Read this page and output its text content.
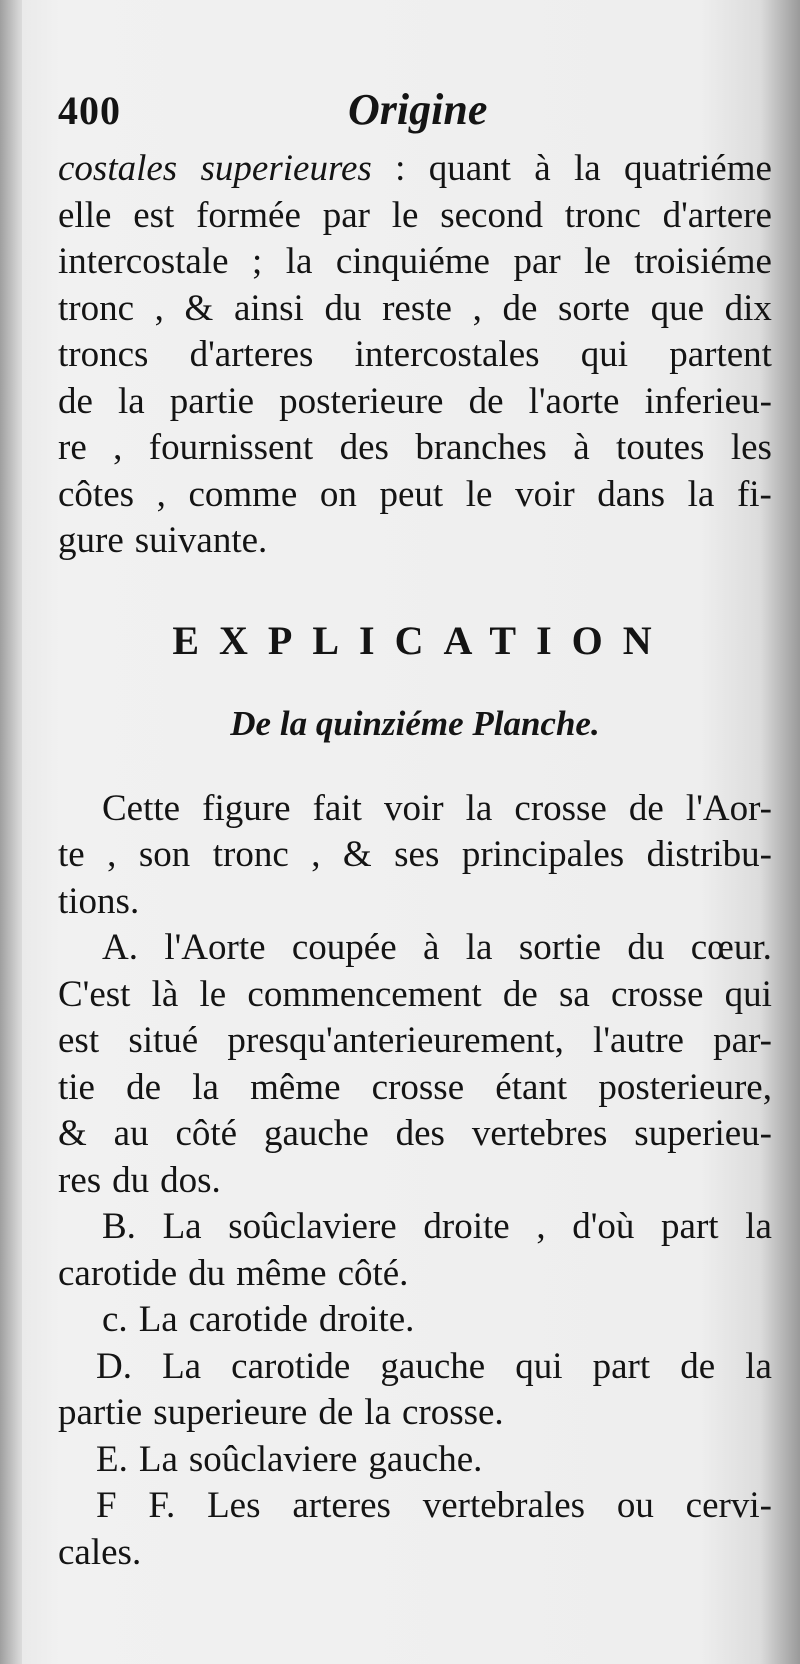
400	Origine
costales superieures : quant à la quatriéme
elle est formée par le second tronc d'artere
intercostale ; la cinquiéme par le troisiéme
tronc , & ainsi du reste , de sorte que dix
troncs d'arteres intercostales qui partent
de la partie posterieure de l'aorte inferieu-
re , fournissent des branches à toutes les
côtes , comme on peut le voir dans la fi-
gure suivante.
EXPLICATION
De la quinziéme Planche.
Cette figure fait voir la crosse de l'Aor-
te , son tronc , & ses principales distribu-
tions.
A. l'Aorte coupée à la sortie du cœur.
C'est là le commencement de sa crosse qui
est situé presqu'anterieurement, l'autre par-
tie de la même crosse étant posterieure,
& au côté gauche des vertebres superieu-
res du dos.
B. La soûclaviere droite , d'où part la
carotide du même côté.
c. La carotide droite.
D. La carotide gauche qui part de la
partie superieure de la crosse.
E. La soûclaviere gauche.
F F. Les arteres vertebrales ou cervi-
cales.
